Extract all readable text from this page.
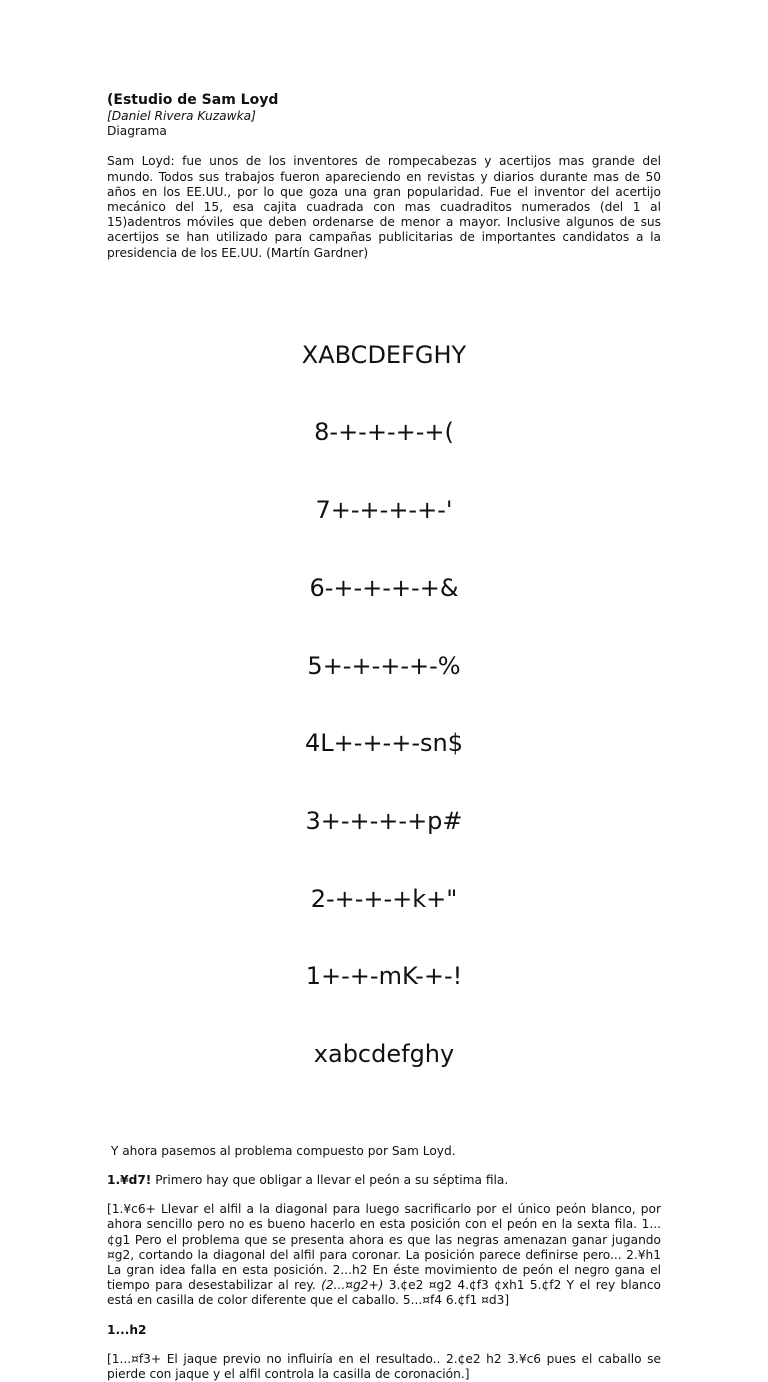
(Estudio de Sam Loyd
[Daniel Rivera Kuzawka]
Diagrama

Sam Loyd: fue unos de los inventores de rompecabezas y acertijos mas grande del mundo. Todos sus trabajos fueron apareciendo en revistas y diarios durante mas de 50 años en los EE.UU., por lo que goza una gran popularidad. Fue el inventor del acertijo mecánico del 15, esa cajita cuadrada con mas cuadraditos numerados (del 1 al 15)adentros móviles que deben ordenarse de menor a mayor. Inclusive algunos de sus acertijos se han utilizado para campañas publicitarias de importantes candidatos a la presidencia de los EE.UU. (Martín Gardner)

XABCDEFGHY

8-+-+-+-+(

7+-+-+-+-'

6-+-+-+-+&

5+-+-+-+-%

4L+-+-+-sn$

3+-+-+-+p#

2-+-+-+k+"

1+-+-mK-+-!

xabcdefghy

Y ahora pasemos al problema compuesto por Sam Loyd.

1.¥d7! Primero hay que obligar a llevar el peón a su séptima fila.

[1.¥c6+ Llevar el alfil a la diagonal para luego sacrificarlo por el único peón blanco, por ahora sencillo pero no es bueno hacerlo en esta posición con el peón en la sexta fila. 1...¢g1 Pero el problema que se presenta ahora es que las negras amenazan ganar jugando ¤g2, cortando la diagonal del alfil para coronar. La posición parece definirse pero... 2.¥h1 La gran idea falla en esta posición. 2...h2 En éste movimiento de peón el negro gana el tiempo para desestabilizar al rey. (2...¤g2+) 3.¢e2 ¤g2 4.¢f3 ¢xh1 5.¢f2 Y el rey blanco está en casilla de color diferente que el caballo. 5...¤f4 6.¢f1 ¤d3]

1...h2

[1...¤f3+ El jaque previo no influiría en el resultado.. 2.¢e2 h2 3.¥c6 pues el caballo se pierde con jaque y el alfil controla la casilla de coronación.]
